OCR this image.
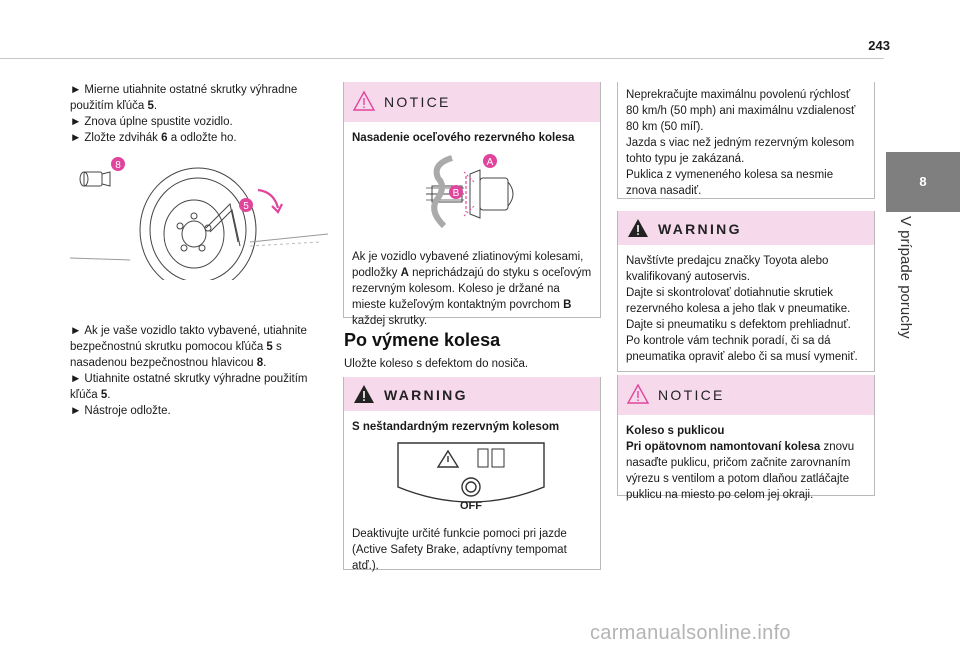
243
8
V prípade poruchy

► Mierne utiahnite ostatné skrutky výhradne použitím kľúča 5.

► Znova úplne spustite vozidlo.

► Zložte zdvihák 6 a odložte ho.

8
5

► Ak je vaše vozidlo takto vybavené, utiahnite bezpečnostnú skrutku pomocou kľúča 5 s nasadenou bezpečnostnou hlavicou 8.

► Utiahnite ostatné skrutky výhradne použitím kľúča 5.

► Nástroje odložte.

NOTICE
Nasadenie oceľového rezervného kolesa
A
B

Ak je vozidlo vybavené zliatinovými kolesami, podložky A neprichádzajú do styku s oceľovým rezervným kolesom. Koleso je držané na mieste kužeľovým kontaktným povrchom B každej skrutky.

Po výmene kolesa
Uložte koleso s defektom do nosiča.
WARNING
S neštandardným rezervným kolesom
OFF

Deaktivujte určité funkcie pomoci pri jazde (Active Safety Brake, adaptívny tempomat atď.).

Neprekračujte maximálnu povolenú rýchlosť 80 km/h (50 mph) ani maximálnu vzdialenosť 80 km (50 míľ).

Jazda s viac než jedným rezervným kolesom tohto typu je zakázaná.

Puklica z vymeneného kolesa sa nesmie znova nasadiť.

WARNING

Navštívte predajcu značky Toyota alebo kvalifikovaný autoservis.

Dajte si skontrolovať dotiahnutie skrutiek rezervného kolesa a jeho tlak v pneumatike.

Dajte si pneumatiku s defektom prehliadnuť.

Po kontrole vám technik poradí, či sa dá pneumatika opraviť alebo či sa musí vymeniť.

NOTICE
Koleso s puklicou

Pri opätovnom namontovaní kolesa znovu nasaďte puklicu, pričom začnite zarovnaním výrezu s ventilom a potom dlaňou zatláčajte puklicu na miesto po celom jej okraji.

carmanualsonline.info
